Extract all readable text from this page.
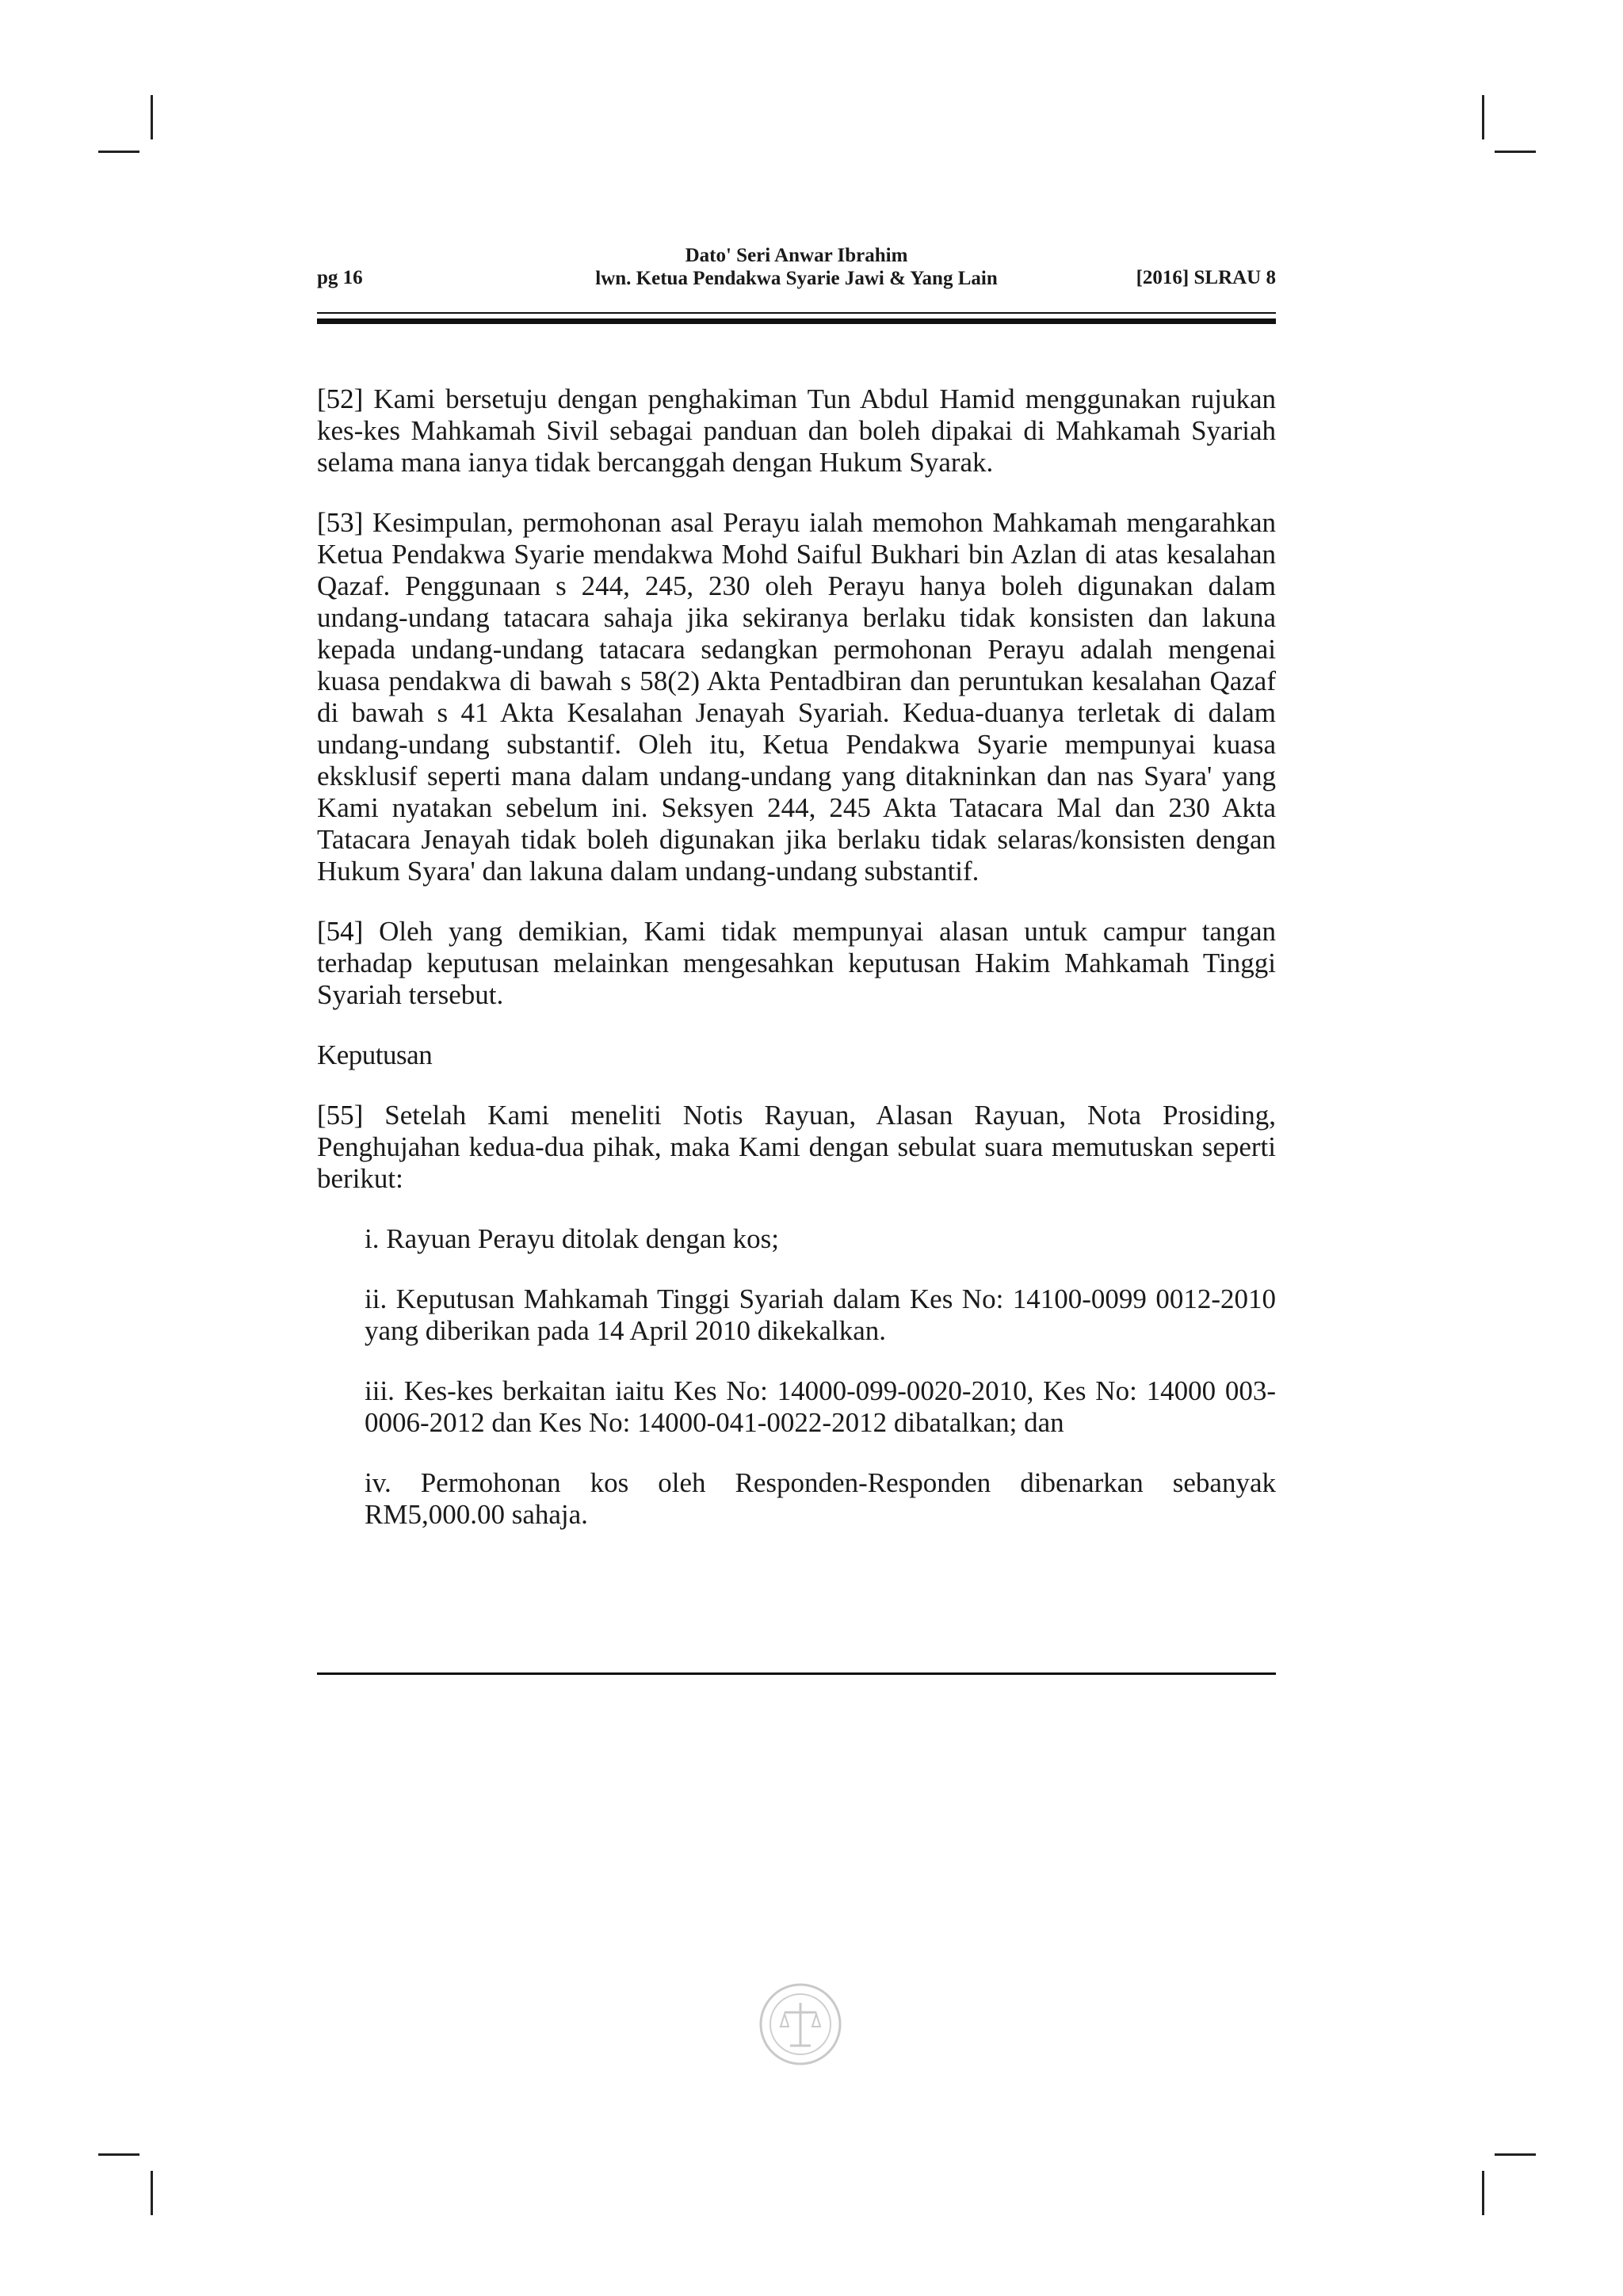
Dato' Seri Anwar Ibrahim
lwn. Ketua Pendakwa Syarie Jawi & Yang Lain
pg 16	[2016] SLRAU 8

[52] Kami bersetuju dengan penghakiman Tun Abdul Hamid menggunakan rujukan kes-kes Mahkamah Sivil sebagai panduan dan boleh dipakai di Mahkamah Syariah selama mana ianya tidak bercanggah dengan Hukum Syarak.

[53] Kesimpulan, permohonan asal Perayu ialah memohon Mahkamah mengarahkan Ketua Pendakwa Syarie mendakwa Mohd Saiful Bukhari bin Azlan di atas kesalahan Qazaf. Penggunaan s 244, 245, 230 oleh Perayu hanya boleh digunakan dalam undang-undang tatacara sahaja jika sekiranya berlaku tidak konsisten dan lakuna kepada undang-undang tatacara sedangkan permohonan Perayu adalah mengenai kuasa pendakwa di bawah s 58(2) Akta Pentadbiran dan peruntukan kesalahan Qazaf di bawah s 41 Akta Kesalahan Jenayah Syariah. Kedua-duanya terletak di dalam undang-undang substantif. Oleh itu, Ketua Pendakwa Syarie mempunyai kuasa eksklusif seperti mana dalam undang-undang yang ditakninkan dan nas Syara' yang Kami nyatakan sebelum ini. Seksyen 244, 245 Akta Tatacara Mal dan 230 Akta Tatacara Jenayah tidak boleh digunakan jika berlaku tidak selaras/konsisten dengan Hukum Syara' dan lakuna dalam undang-undang substantif.

[54] Oleh yang demikian, Kami tidak mempunyai alasan untuk campur tangan terhadap keputusan melainkan mengesahkan keputusan Hakim Mahkamah Tinggi Syariah tersebut.

Keputusan

[55] Setelah Kami meneliti Notis Rayuan, Alasan Rayuan, Nota Prosiding, Penghujahan kedua-dua pihak, maka Kami dengan sebulat suara memutuskan seperti berikut:

i. Rayuan Perayu ditolak dengan kos;
ii. Keputusan Mahkamah Tinggi Syariah dalam Kes No: 14100-0099 0012-2010 yang diberikan pada 14 April 2010 dikekalkan.
iii. Kes-kes berkaitan iaitu Kes No: 14000-099-0020-2010, Kes No: 14000 003-0006-2012 dan Kes No: 14000-041-0022-2012 dibatalkan; dan
iv. Permohonan kos oleh Responden-Responden dibenarkan sebanyak RM5,000.00 sahaja.
